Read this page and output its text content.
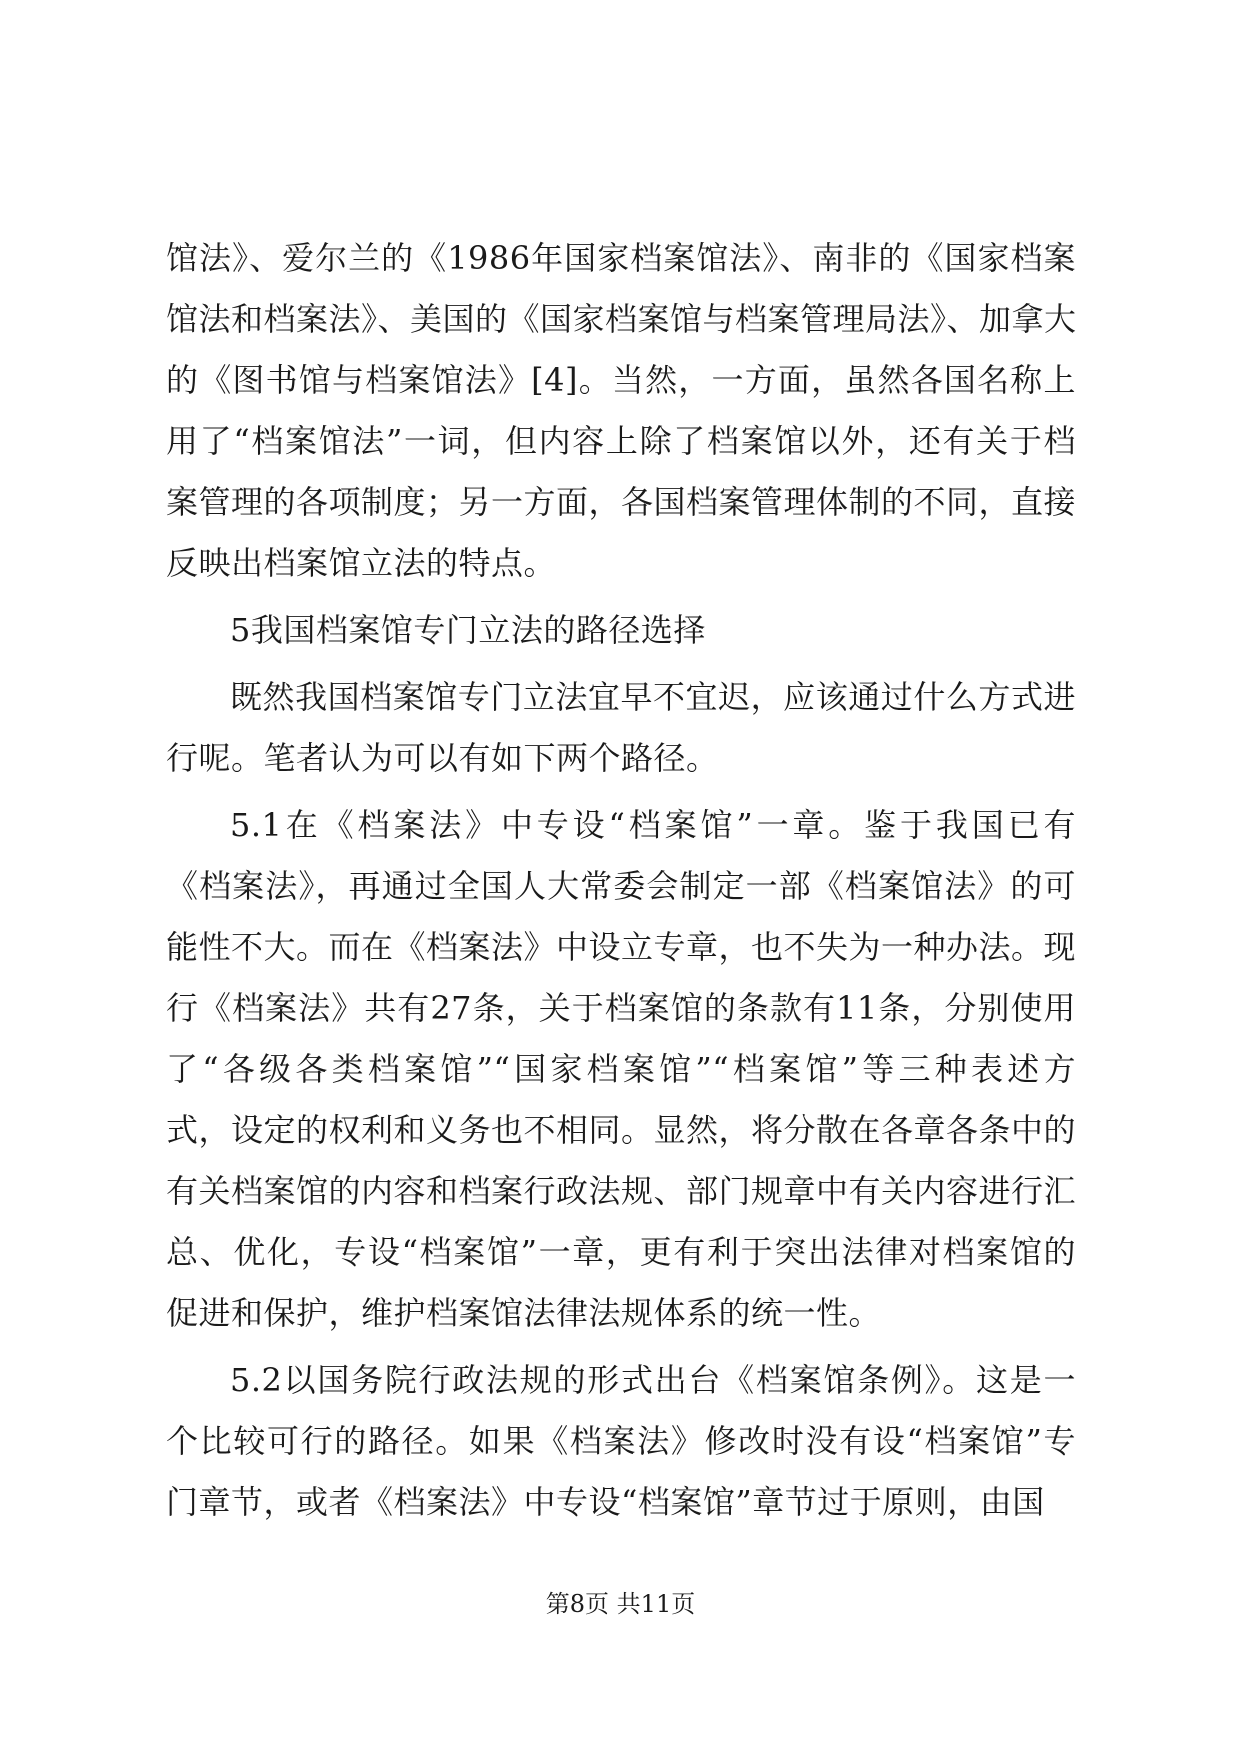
馆法》、爱尔兰的《1986年国家档案馆法》、南非的《国家档案
馆法和档案法》、美国的《国家档案馆与档案管理局法》、加拿大
的《图书馆与档案馆法》[4]。当然，一方面，虽然各国名称上
用了“档案馆法”一词，但内容上除了档案馆以外，还有关于档
案管理的各项制度；另一方面，各国档案管理体制的不同，直接
反映出档案馆立法的特点。
5我国档案馆专门立法的路径选择
既然我国档案馆专门立法宜早不宜迟，应该通过什么方式进
行呢。笔者认为可以有如下两个路径。
5.1在《档案法》中专设“档案馆”一章。鉴于我国已有
《档案法》，再通过全国人大常委会制定一部《档案馆法》的可
能性不大。而在《档案法》中设立专章，也不失为一种办法。现
行《档案法》共有27条，关于档案馆的条款有11条，分别使用
了“各级各类档案馆”“国家档案馆”“档案馆”等三种表述方
式，设定的权利和义务也不相同。显然，将分散在各章各条中的
有关档案馆的内容和档案行政法规、部门规章中有关内容进行汇
总、优化，专设“档案馆”一章，更有利于突出法律对档案馆的
促进和保护，维护档案馆法律法规体系的统一性。
5.2以国务院行政法规的形式出台《档案馆条例》。这是一
个比较可行的路径。如果《档案法》修改时没有设“档案馆”专
门章节，或者《档案法》中专设“档案馆”章节过于原则，由国
第8页 共11页
